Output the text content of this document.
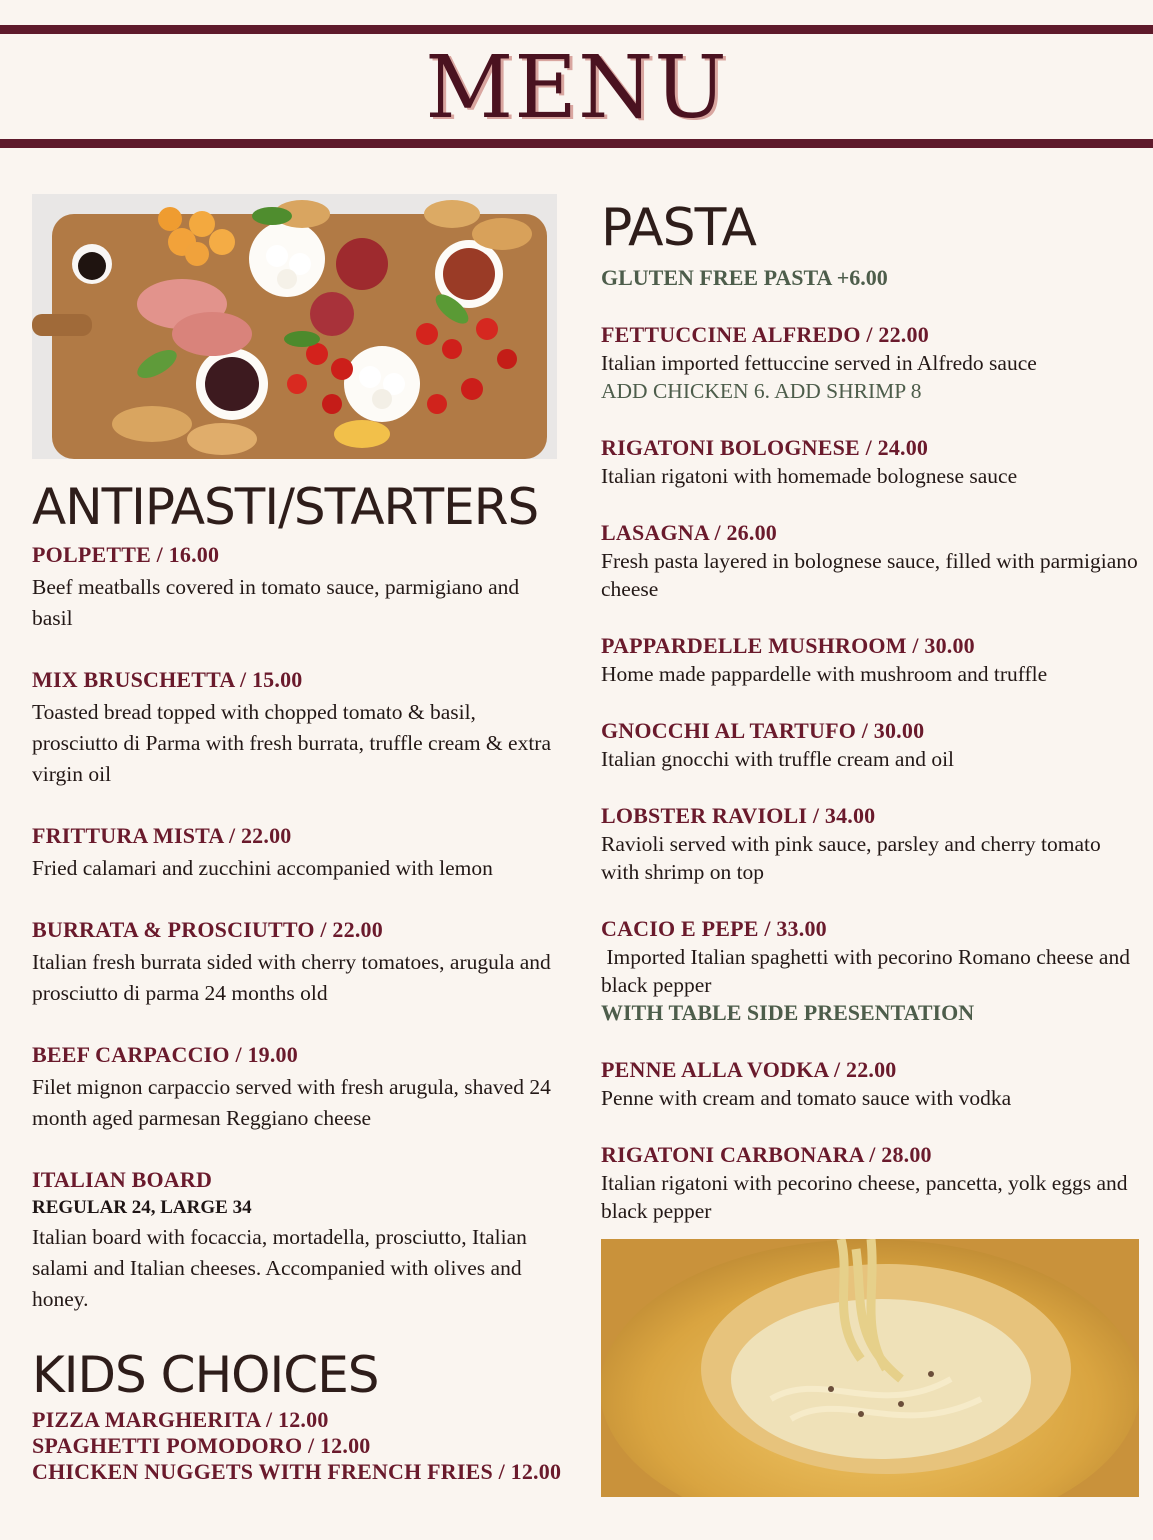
MENU
ANTIPASTI/STARTERS
POLPETTE / 16.00
Beef meatballs covered in tomato sauce, parmigiano and basil
MIX BRUSCHETTA / 15.00
Toasted bread topped with chopped tomato & basil, prosciutto di Parma with fresh burrata, truffle cream & extra virgin oil
FRITTURA MISTA / 22.00
Fried calamari and zucchini accompanied with lemon
BURRATA & PROSCIUTTO / 22.00
Italian fresh burrata sided with cherry tomatoes, arugula and prosciutto di parma 24 months old
BEEF CARPACCIO / 19.00
Filet mignon carpaccio served with fresh arugula, shaved 24 month aged parmesan Reggiano cheese
ITALIAN BOARD
REGULAR 24, LARGE 34
Italian board with focaccia, mortadella, prosciutto, Italian salami and Italian cheeses. Accompanied with olives and honey.
KIDS CHOICES
PIZZA MARGHERITA / 12.00
SPAGHETTI POMODORO / 12.00
CHICKEN NUGGETS WITH FRENCH FRIES / 12.00
PASTA
GLUTEN FREE PASTA +6.00
FETTUCCINE ALFREDO / 22.00
Italian imported fettuccine served in Alfredo sauce
ADD CHICKEN 6. ADD SHRIMP 8
RIGATONI BOLOGNESE / 24.00
Italian rigatoni with homemade bolognese sauce
LASAGNA / 26.00
Fresh pasta layered in bolognese sauce, filled with parmigiano cheese
PAPPARDELLE MUSHROOM / 30.00
Home made pappardelle with mushroom and truffle
GNOCCHI AL TARTUFO / 30.00
Italian gnocchi with truffle cream and oil
LOBSTER RAVIOLI / 34.00
Ravioli served with pink sauce, parsley and cherry tomato with shrimp on top
CACIO E PEPE / 33.00
Imported Italian spaghetti with pecorino Romano cheese and black pepper
WITH TABLE SIDE PRESENTATION
PENNE ALLA VODKA / 22.00
Penne with cream and tomato sauce with vodka
RIGATONI CARBONARA / 28.00
Italian rigatoni with pecorino cheese, pancetta, yolk eggs and black pepper
